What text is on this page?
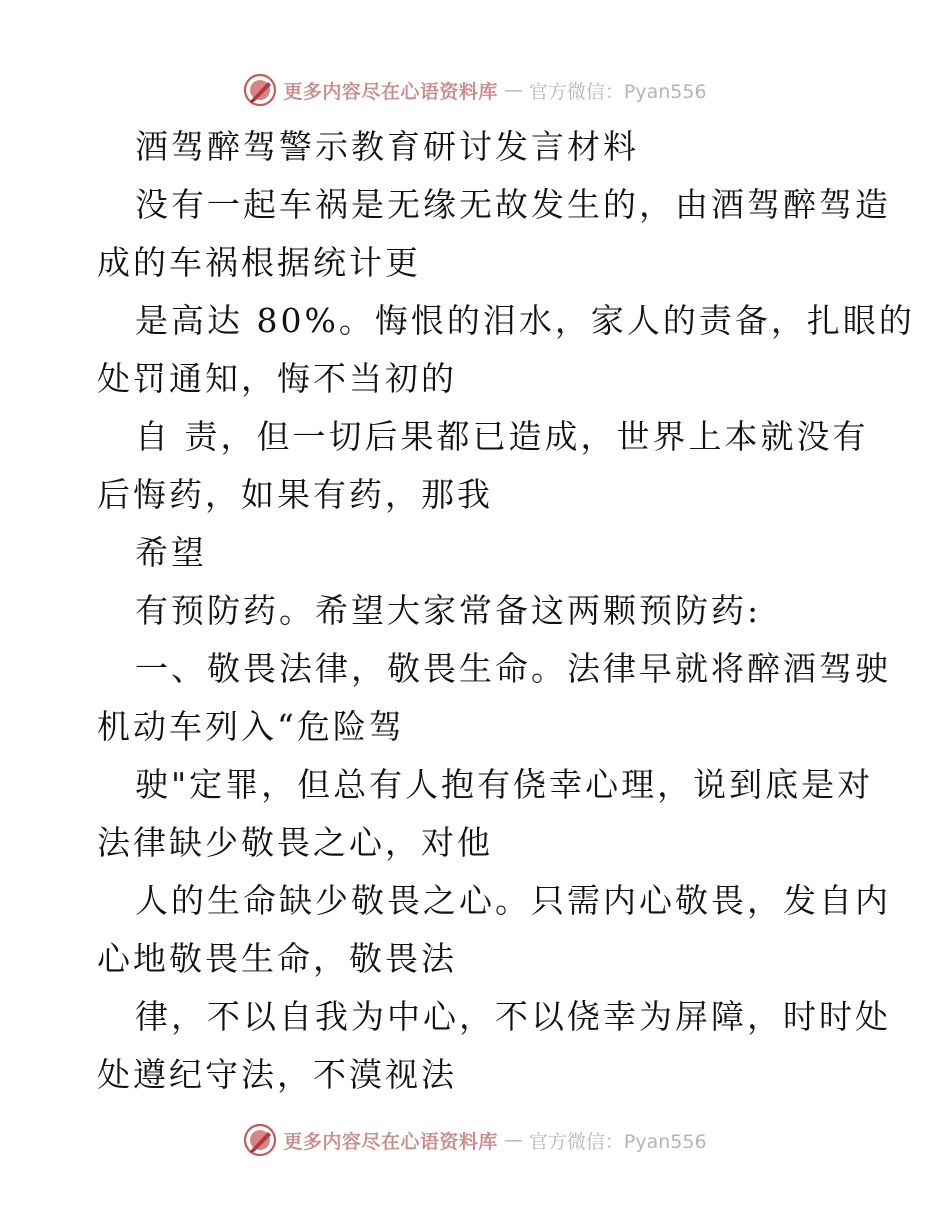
更多内容尽在心语资料库 — 官方微信：Pyan556
酒驾醉驾警示教育研讨发言材料
没有一起车祸是无缘无故发生的，由酒驾醉驾造
成的车祸根据统计更
是高达 80%。悔恨的泪水，家人的责备，扎眼的
处罚通知，悔不当初的
自 责，但一切后果都已造成，世界上本就没有
后悔药，如果有药，那我
希望
有预防药。希望大家常备这两颗预防药:
一、敬畏法律，敬畏生命。法律早就将醉酒驾驶
机动车列入“危险驾
驶"定罪，但总有人抱有侥幸心理，说到底是对
法律缺少敬畏之心，对他
人的生命缺少敬畏之心。只需内心敬畏，发自内
心地敬畏生命，敬畏法
律，不以自我为中心，不以侥幸为屏障，时时处
处遵纪守法，不漠视法
更多内容尽在心语资料库 — 官方微信：Pyan556
